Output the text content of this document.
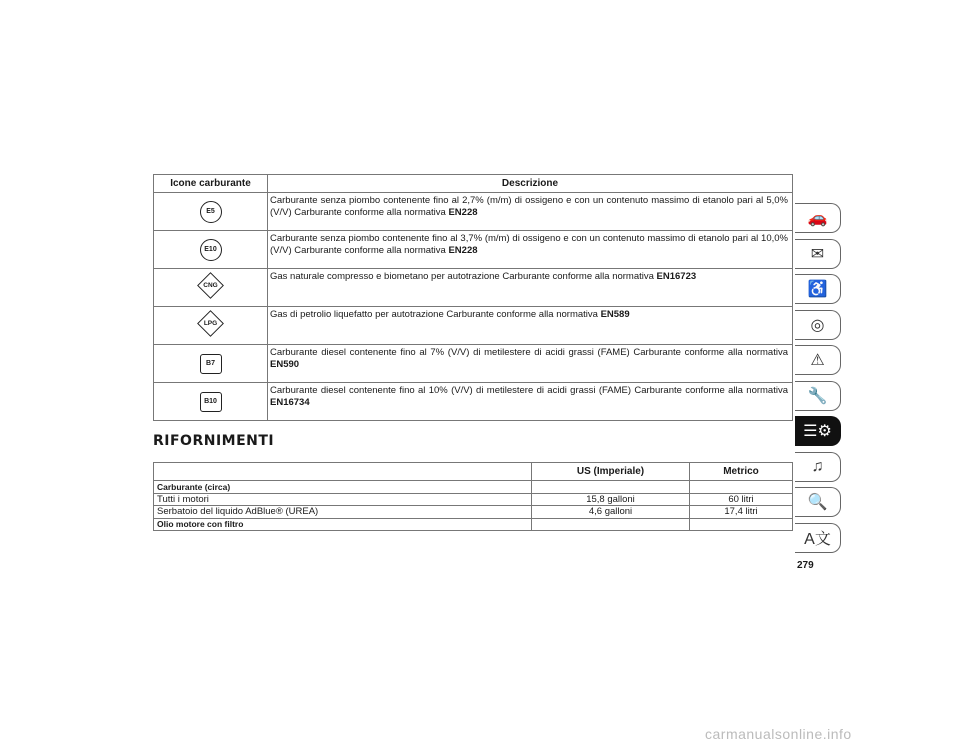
Icone carburante	Descrizione
E5	Carburante senza piombo contenente fino al 2,7% (m/m) di ossigeno e con un contenuto massimo di etanolo pari al 5,0% (V/V) Carburante conforme alla normativa EN228
E10	Carburante senza piombo contenente fino al 3,7% (m/m) di ossigeno e con un contenuto massimo di etanolo pari al 10,0% (V/V) Carburante conforme alla normativa EN228

CNG	Gas naturale compresso e biometano per autotrazione Carburante conforme alla normativa EN16723

LPG	Gas di petrolio liquefatto per autotrazione Carburante conforme alla normativa EN589
B7	Carburante diesel contenente fino al 7% (V/V) di metilestere di acidi grassi (FAME) Carburante conforme alla normativa EN590
B10	Carburante diesel contenente fino al 10% (V/V) di metilestere di acidi grassi (FAME) Carburante conforme alla normativa EN16734
RIFORNIMENTI
	US (Imperiale)	Metrico
Carburante (circa)		
Tutti i motori	15,8 galloni	60 litri
Serbatoio del liquido AdBlue® (UREA)	4,6 galloni	17,4 litri
Olio motore con filtro		
🚗
✉
♿
◎
⚠
🔧
☰⚙
♫
🔍
A文
279
carmanualsonline.info
